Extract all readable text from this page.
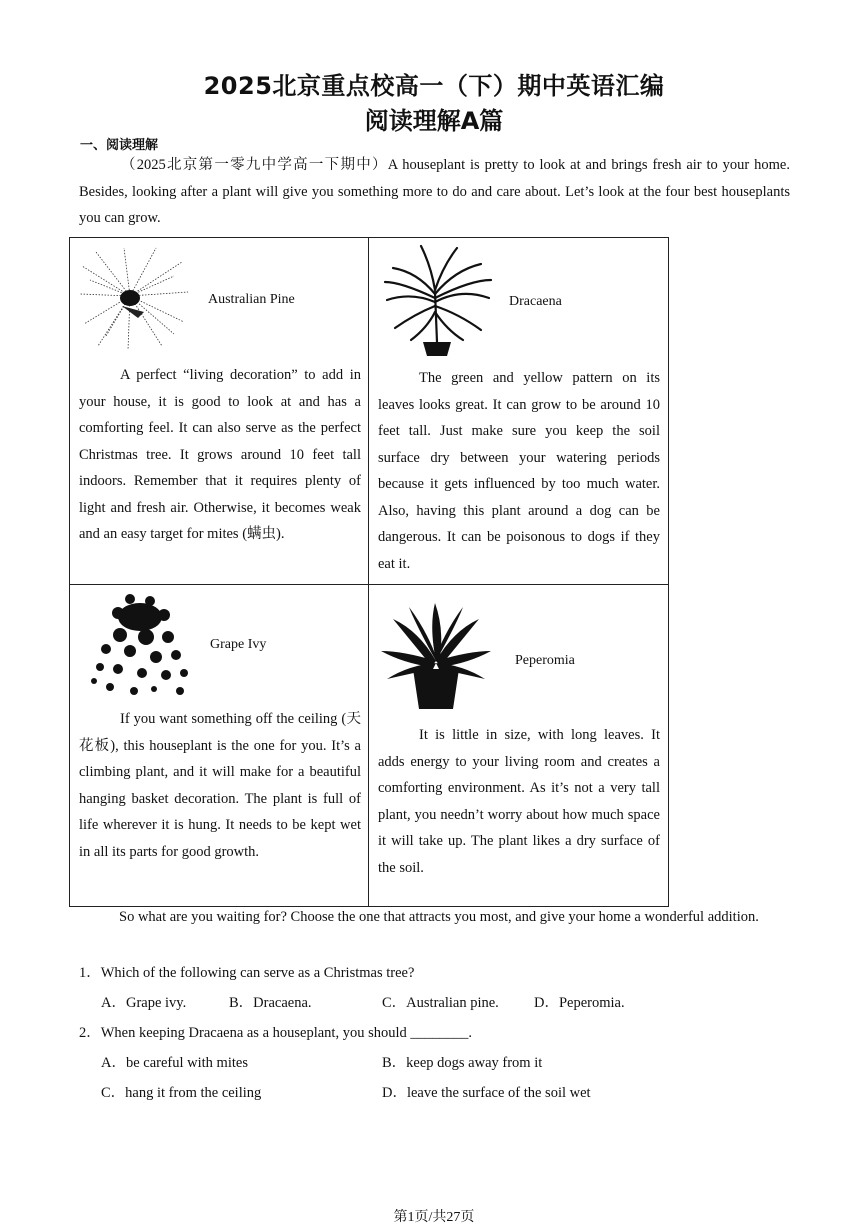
2025北京重点校高一（下）期中英语汇编
阅读理解A篇
一、阅读理解
（2025北京第一零九中学高一下期中）A houseplant is pretty to look at and brings fresh air to your home. Besides, looking after a plant will give you something more to do and care about. Let’s look at the four best houseplants you can grow.
Australian Pine
A perfect “living decoration” to add in your house, it is good to look at and has a comforting feel. It can also serve as the perfect Christmas tree. It grows around 10 feet tall indoors. Remember that it requires plenty of light and fresh air. Otherwise, it becomes weak and an easy target for mites (螨虫).
Dracaena
The green and yellow pattern on its leaves looks great. It can grow to be around 10 feet tall. Just make sure you keep the soil surface dry between your watering periods because it gets influenced by too much water. Also, having this plant around a dog can be dangerous. It can be poisonous to dogs if they eat it.
Grape Ivy
If you want something off the ceiling (天花板), this houseplant is the one for you. It’s a climbing plant, and it will make for a beautiful hanging basket decoration. The plant is full of life wherever it is hung. It needs to be kept wet in all its parts for good growth.
Peperomia
It is little in size, with long leaves. It adds energy to your living room and creates a comforting environment. As it’s not a very tall plant, you needn’t worry about how much space it will take up. The plant likes a dry surface of the soil.
So what are you waiting for? Choose the one that attracts you most, and give your home a wonderful addition.
1．Which of the following can serve as a Christmas tree?
A．Grape ivy.	B．Dracaena.	C．Australian pine. D．Peperomia.
2．When keeping Dracaena as a houseplant, you should ________.
A．be careful with mites	B．keep dogs away from it
C．hang it from the ceiling	D．leave the surface of the soil wet
第1页/共27页
